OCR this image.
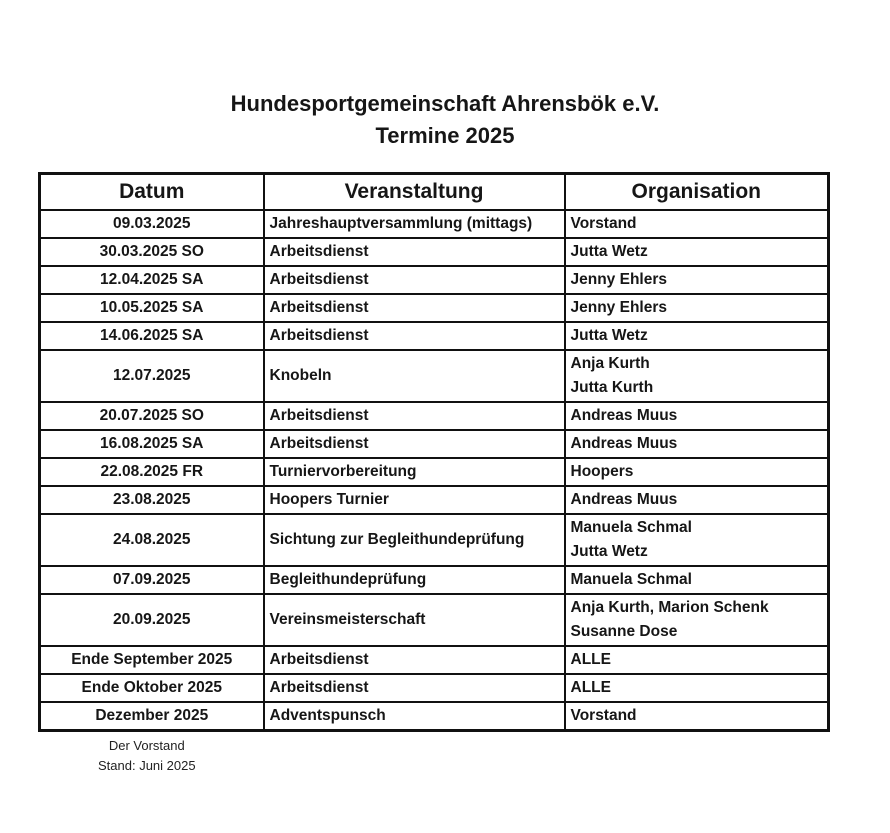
Hundesportgemeinschaft Ahrensbök e.V.
Termine 2025
Datum	Veranstaltung	Organisation
09.03.2025	Jahreshauptversammlung (mittags)	Vorstand

30.03.2025 SO	Arbeitsdienst	Jutta Wetz

12.04.2025 SA	Arbeitsdienst	Jenny Ehlers

10.05.2025 SA	Arbeitsdienst	Jenny Ehlers

14.06.2025 SA	Arbeitsdienst	Jutta Wetz

12.07.2025	Knobeln	Anja Kurth
Jutta Kurth

20.07.2025 SO	Arbeitsdienst	Andreas Muus

16.08.2025 SA	Arbeitsdienst	Andreas Muus

22.08.2025 FR	Turniervorbereitung	Hoopers

23.08.2025	Hoopers Turnier	Andreas Muus

24.08.2025	Sichtung zur Begleithundeprüfung	Manuela Schmal
Jutta Wetz

07.09.2025	Begleithundeprüfung	Manuela Schmal

20.09.2025	Vereinsmeisterschaft	Anja Kurth, Marion Schenk
Susanne Dose

Ende September 2025	Arbeitsdienst	ALLE

Ende Oktober 2025	Arbeitsdienst	ALLE

Dezember 2025	Adventspunsch	Vorstand
Der Vorstand
Stand: Juni 2025
